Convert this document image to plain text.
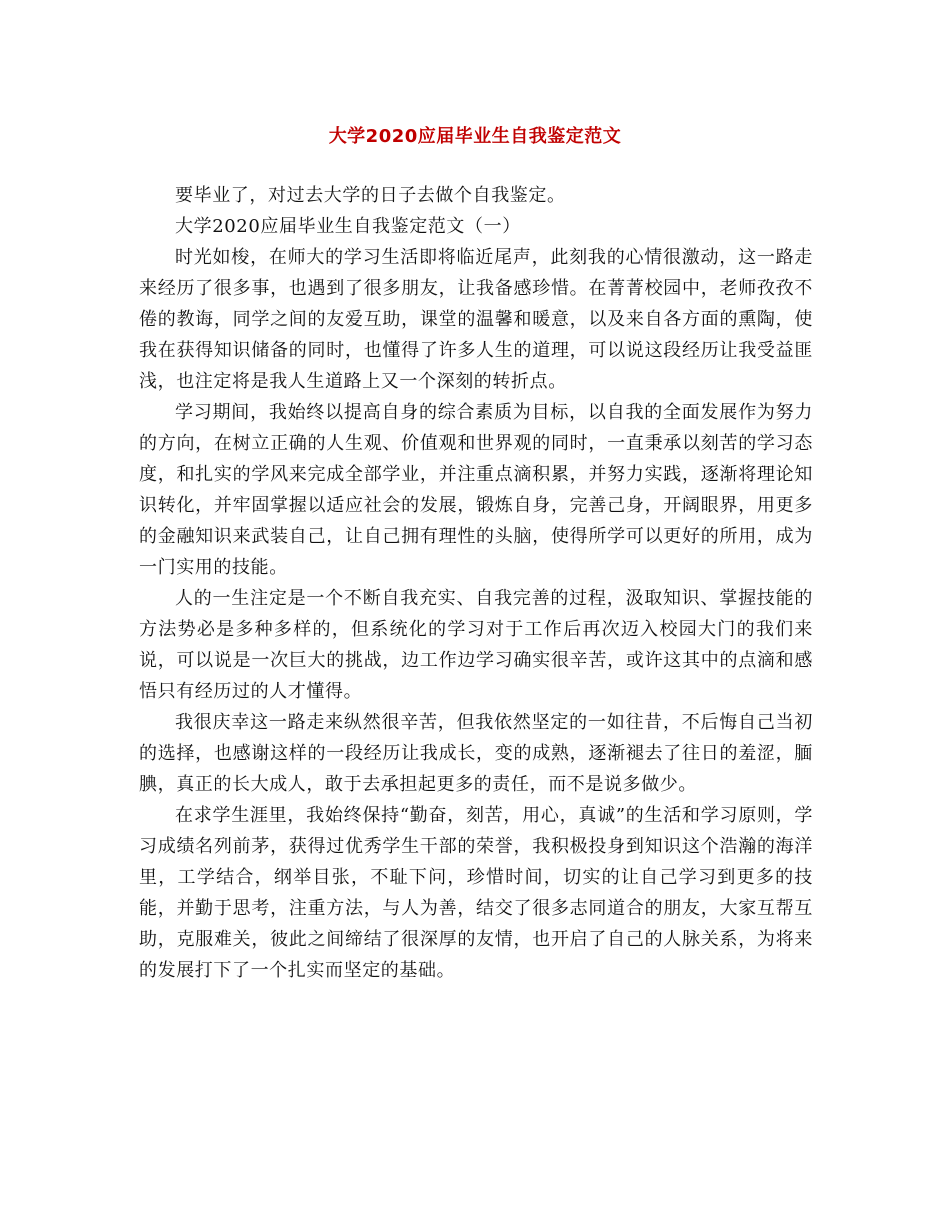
大学2020应届毕业生自我鉴定范文

要毕业了，对过去大学的日子去做个自我鉴定。

大学2020应届毕业生自我鉴定范文（一）

时光如梭，在师大的学习生活即将临近尾声，此刻我的心情很激动，这一路走来经历了很多事，也遇到了很多朋友，让我备感珍惜。在菁菁校园中，老师孜孜不倦的教诲，同学之间的友爱互助，课堂的温馨和暖意，以及来自各方面的熏陶，使我在获得知识储备的同时，也懂得了许多人生的道理，可以说这段经历让我受益匪浅，也注定将是我人生道路上又一个深刻的转折点。

学习期间，我始终以提高自身的综合素质为目标，以自我的全面发展作为努力的方向，在树立正确的人生观、价值观和世界观的同时，一直秉承以刻苦的学习态度，和扎实的学风来完成全部学业，并注重点滴积累，并努力实践，逐渐将理论知识转化，并牢固掌握以适应社会的发展，锻炼自身，完善己身，开阔眼界，用更多的金融知识来武装自己，让自己拥有理性的头脑，使得所学可以更好的所用，成为一门实用的技能。

人的一生注定是一个不断自我充实、自我完善的过程，汲取知识、掌握技能的方法势必是多种多样的，但系统化的学习对于工作后再次迈入校园大门的我们来说，可以说是一次巨大的挑战，边工作边学习确实很辛苦，或许这其中的点滴和感悟只有经历过的人才懂得。

我很庆幸这一路走来纵然很辛苦，但我依然坚定的一如往昔，不后悔自己当初的选择，也感谢这样的一段经历让我成长，变的成熟，逐渐褪去了往日的羞涩，腼腆，真正的长大成人，敢于去承担起更多的责任，而不是说多做少。

在求学生涯里，我始终保持“勤奋，刻苦，用心，真诚”的生活和学习原则，学习成绩名列前茅，获得过优秀学生干部的荣誉，我积极投身到知识这个浩瀚的海洋里，工学结合，纲举目张，不耻下问，珍惜时间，切实的让自己学习到更多的技能，并勤于思考，注重方法，与人为善，结交了很多志同道合的朋友，大家互帮互助，克服难关，彼此之间缔结了很深厚的友情，也开启了自己的人脉关系，为将来的发展打下了一个扎实而坚定的基础。
